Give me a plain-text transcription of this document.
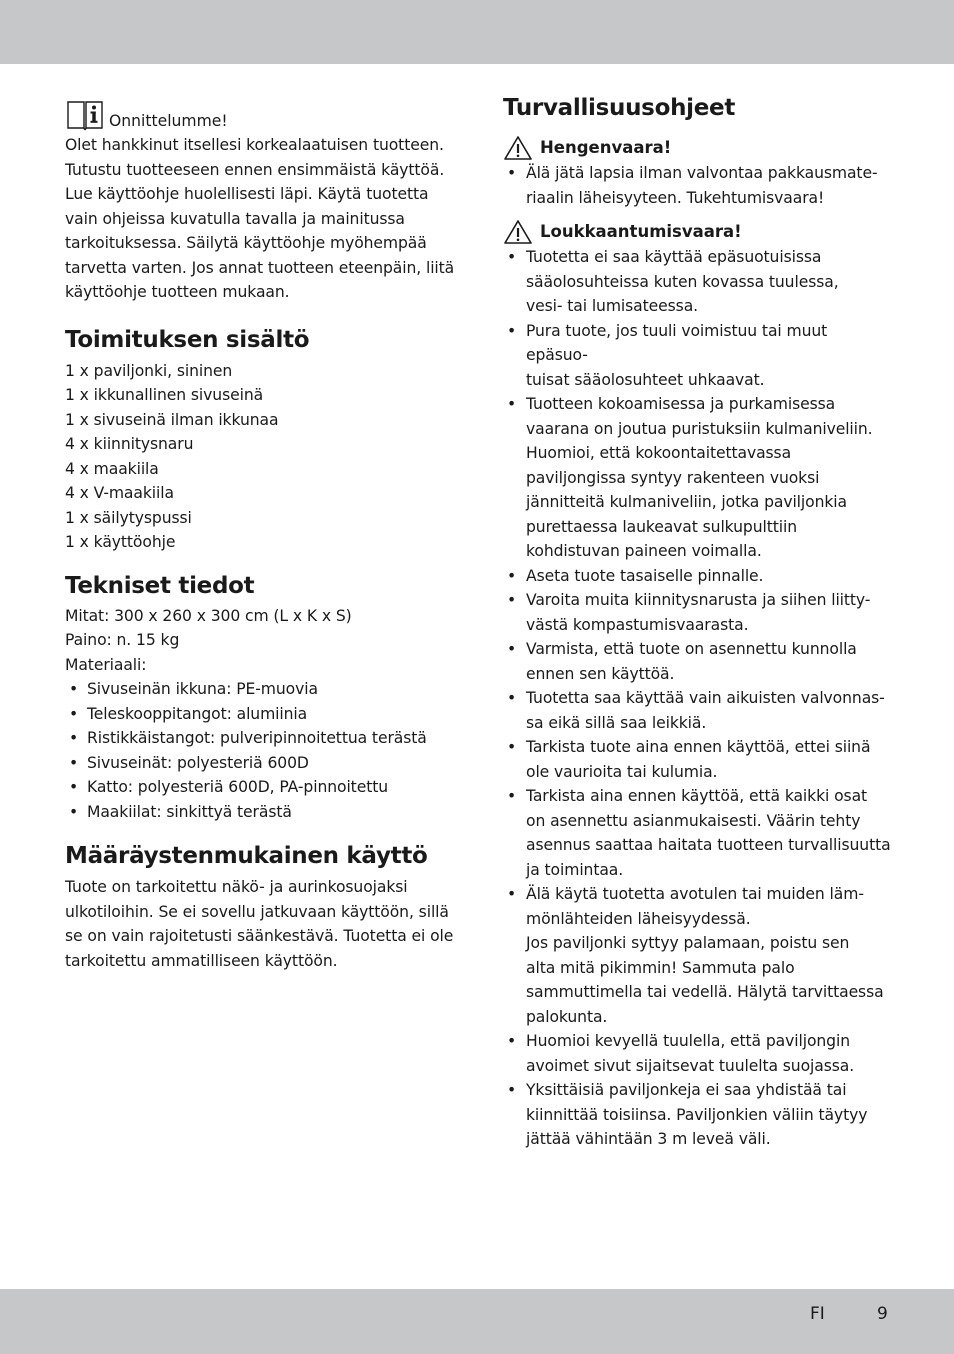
Onnittelumme!

Olet hankkinut itsellesi korkealaatuisen tuotteen. Tutustu tuotteeseen ennen ensimmäistä käyttöä. Lue käyttöohje huolellisesti läpi. Käytä tuotetta vain ohjeissa kuvatulla tavalla ja mainitussa tarkoituksessa. Säilytä käyttöohje myöhempää tarvetta varten. Jos annat tuotteen eteenpäin, liitä käyttöohje tuotteen mukaan.

Toimituksen sisältö

1 x paviljonki, sininen

1 x ikkunallinen sivuseinä

1 x sivuseinä ilman ikkunaa

4 x kiinnitysnaru

4 x maakiila

4 x V-maakiila

1 x säilytyspussi

1 x käyttöohje

Tekniset tiedot

Mitat: 300 x 260 x 300 cm (L x K x S)

Paino: n. 15 kg

Materiaali:

• Sivuseinän ikkuna: PE-muovia
• Teleskooppitangot: alumiinia
• Ristikkäistangot: pulveripinnoitettua terästä
• Sivuseinät: polyesteriä 600D
• Katto: polyesteriä 600D, PA-pinnoitettu
• Maakiilat: sinkittyä terästä
Määräystenmukainen käyttö

Tuote on tarkoitettu näkö- ja aurinkosuojaksi ulkotiloihin. Se ei sovellu jatkuvaan käyttöön, sillä se on vain rajoitetusti säänkestävä. Tuotetta ei ole tarkoitettu ammatilliseen käyttöön.

Turvallisuusohjeet
Hengenvaara!
• Älä jätä lapsia ilman valvontaa pakkausmate-
riaalin läheisyyteen. Tukehtumisvaara!
Loukkaantumisvaara!
• Tuotetta ei saa käyttää epäsuotuisissa
sääolosuhteissa kuten kovassa tuulessa,
vesi- tai lumisateessa.
• Pura tuote, jos tuuli voimistuu tai muut epäsuo-
tuisat sääolosuhteet uhkaavat.
• Tuotteen kokoamisessa ja purkamisessa
vaarana on joutua puristuksiin kulmaniveliin.
Huomioi, että kokoontaitettavassa
paviljongissa syntyy rakenteen vuoksi
jännitteitä kulmaniveliin, jotka paviljonkia
purettaessa laukeavat sulkupulttiin
kohdistuvan paineen voimalla.
• Aseta tuote tasaiselle pinnalle.
• Varoita muita kiinnitysnarusta ja siihen liitty-
västä kompastumisvaarasta.
• Varmista, että tuote on asennettu kunnolla
ennen sen käyttöä.
• Tuotetta saa käyttää vain aikuisten valvonnas-
sa eikä sillä saa leikkiä.
• Tarkista tuote aina ennen käyttöä, ettei siinä
ole vaurioita tai kulumia.
• Tarkista aina ennen käyttöä, että kaikki osat
on asennettu asianmukaisesti. Väärin tehty
asennus saattaa haitata tuotteen turvallisuutta
ja toimintaa.
• Älä käytä tuotetta avotulen tai muiden läm-
mönlähteiden läheisyydessä.
Jos paviljonki syttyy palamaan, poistu sen
alta mitä pikimmin! Sammuta palo
sammuttimella tai vedellä. Hälytä tarvittaessa
palokunta.
• Huomioi kevyellä tuulella, että paviljongin
avoimet sivut sijaitsevat tuulelta suojassa.
• Yksittäisiä paviljonkeja ei saa yhdistää tai
kiinnittää toisiinsa. Paviljonkien väliin täytyy
jättää vähintään 3 m leveä väli.
FI	9
